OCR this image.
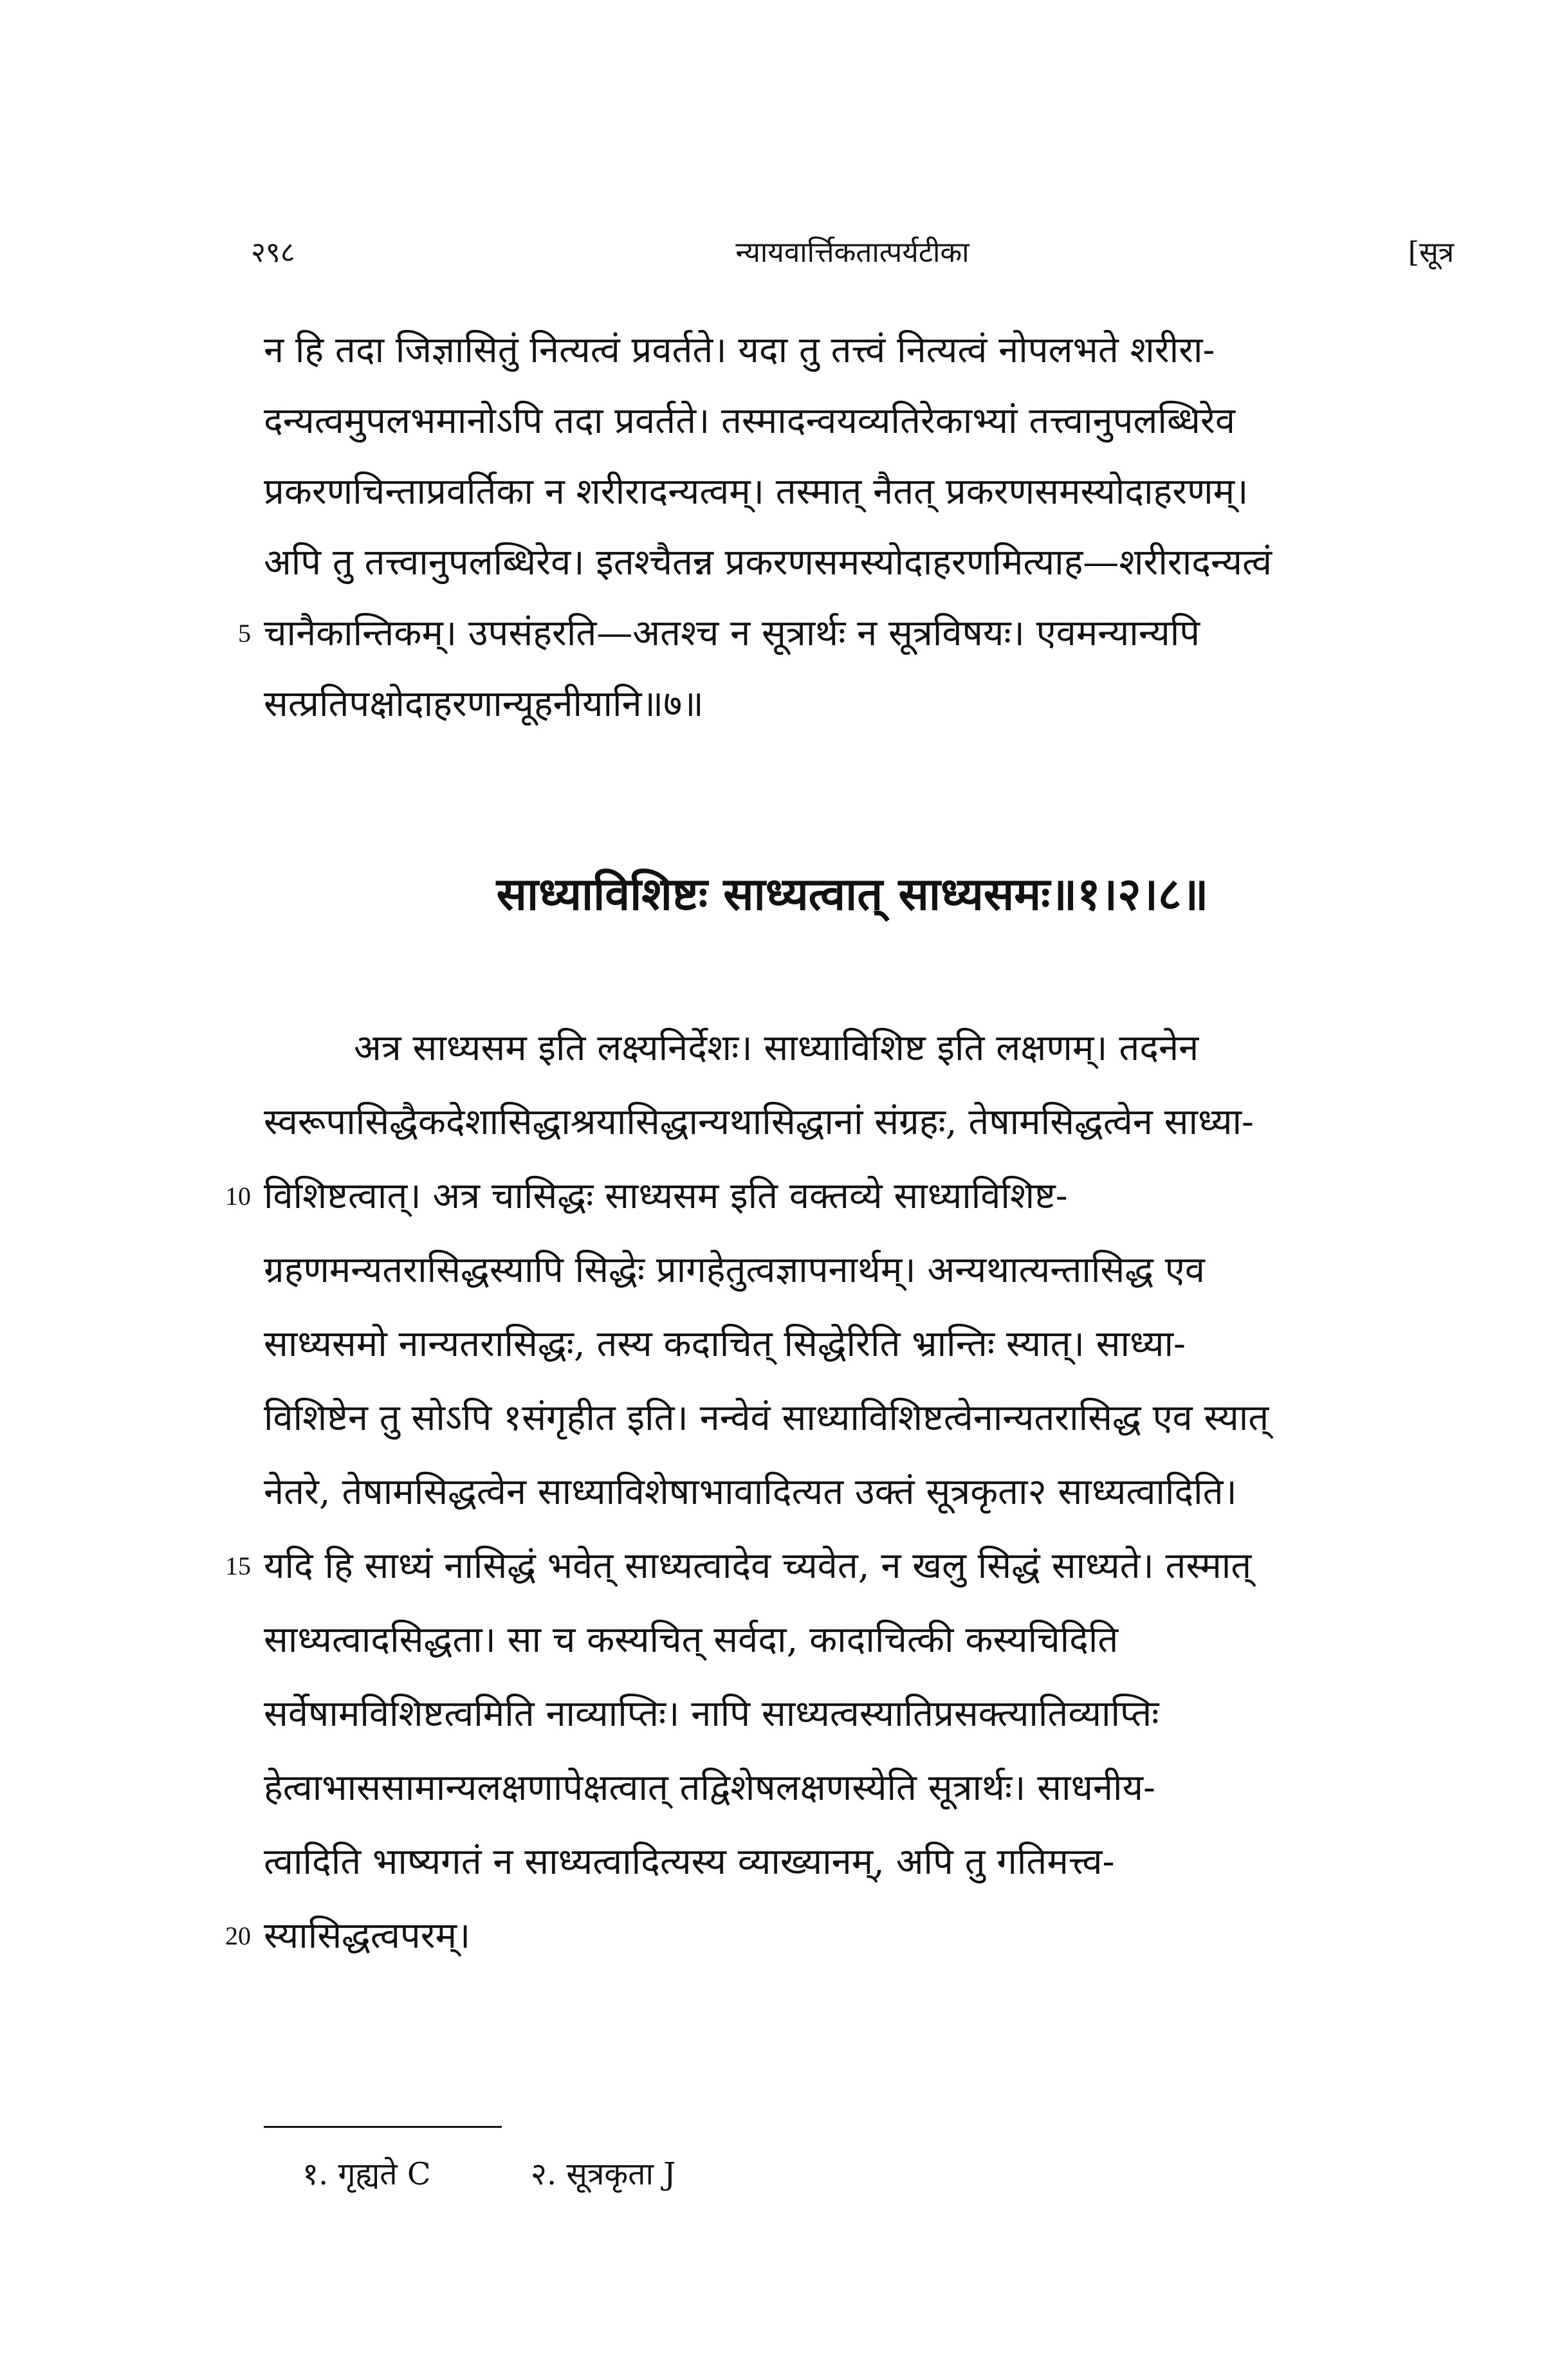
२९८	न्यायवार्त्तिकतात्पर्यटीका	[सूत्र
न हि तदा जिज्ञासितुं नित्यत्वं प्रवर्तते। यदा तु तत्त्वं नित्यत्वं नोपलभते शरीरा-
दन्यत्वमुपलभमानोऽपि तदा प्रवर्तते। तस्मादन्वयव्यतिरेकाभ्यां तत्त्वानुपलब्धिरेव
प्रकरणचिन्ताप्रवर्तिका न शरीरादन्यत्वम्। तस्मात् नैतत् प्रकरणसमस्योदाहरणम्।
अपि तु तत्त्वानुपलब्धिरेव। इतश्चैतन्न प्रकरणसमस्योदाहरणमित्याह—शरीरादन्यत्वं
5 चानैकान्तिकम्। उपसंहरति—अतश्च न सूत्रार्थः न सूत्रविषयः। एवमन्यान्यपि
सत्प्रतिपक्षोदाहरणान्यूहनीयानि॥७॥
साध्याविशिष्टः साध्यत्वात् साध्यसमः॥१।२।८॥
अत्र साध्यसम इति लक्ष्यनिर्देशः। साध्याविशिष्ट इति लक्षणम्। तदनेन
स्वरूपासिद्धैकदेशासिद्धाश्रयासिद्धान्यथासिद्धानां संग्रहः, तेषामसिद्धत्वेन साध्या-
10 विशिष्टत्वात्। अत्र चासिद्धः साध्यसम इति वक्तव्ये साध्याविशिष्ट-
ग्रहणमन्यतरासिद्धस्यापि सिद्धेः प्रागहेतुत्वज्ञापनार्थम्। अन्यथात्यन्तासिद्ध एव
साध्यसमो नान्यतरासिद्धः, तस्य कदाचित् सिद्धेरिति भ्रान्तिः स्यात्। साध्या-
विशिष्टेन तु सोऽपि १संगृहीत इति। नन्वेवं साध्याविशिष्टत्वेनान्यतरासिद्ध एव स्यात्
नेतरे, तेषामसिद्धत्वेन साध्याविशेषाभावादित्यत उक्तं सूत्रकृता२ साध्यत्वादिति।
15 यदि हि साध्यं नासिद्धं भवेत् साध्यत्वादेव च्यवेत, न खलु सिद्धं साध्यते। तस्मात्
साध्यत्वादसिद्धता। सा च कस्यचित् सर्वदा, कादाचित्की कस्यचिदिति
सर्वेषामविशिष्टत्वमिति नाव्याप्तिः। नापि साध्यत्वस्यातिप्रसक्त्यातिव्याप्तिः
हेत्वाभाससामान्यलक्षणापेक्षत्वात् तद्विशेषलक्षणस्येति सूत्रार्थः। साधनीय-
त्वादिति भाष्यगतं न साध्यत्वादित्यस्य व्याख्यानम्, अपि तु गतिमत्त्व-
20 स्यासिद्धत्वपरम्।
१. गृह्यते C	२. सूत्रकृता J
